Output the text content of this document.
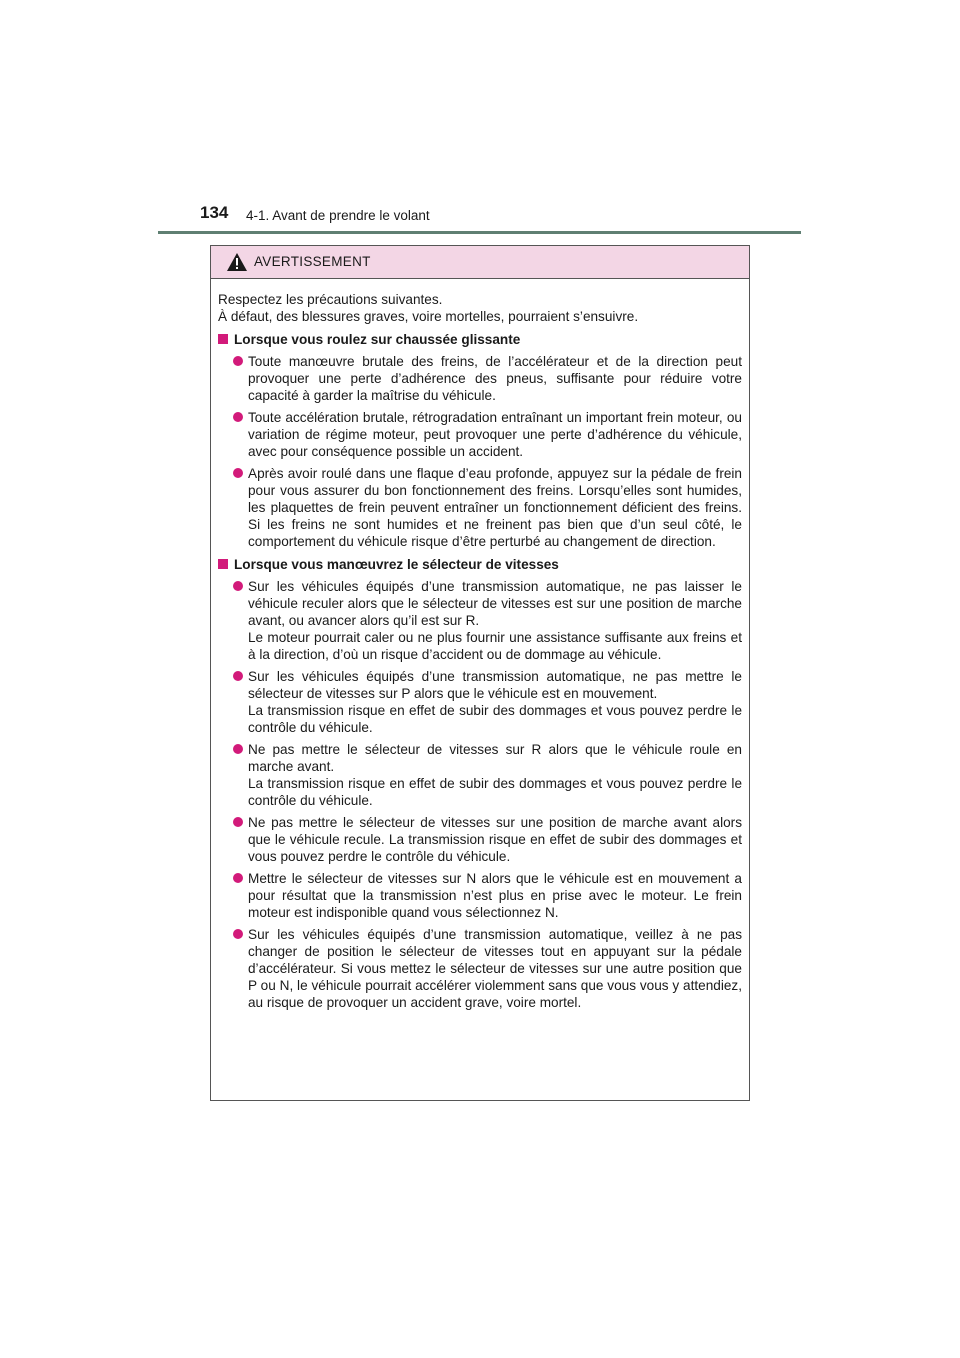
134 4-1. Avant de prendre le volant
AVERTISSEMENT
Respectez les précautions suivantes.
À défaut, des blessures graves, voire mortelles, pourraient s’ensuivre.
Lorsque vous roulez sur chaussée glissante
Toute manœuvre brutale des freins, de l’accélérateur et de la direction peut provoquer une perte d’adhérence des pneus, suffisante pour réduire votre capacité à garder la maîtrise du véhicule.
Toute accélération brutale, rétrogradation entraînant un important frein moteur, ou variation de régime moteur, peut provoquer une perte d’adhérence du véhicule, avec pour conséquence possible un accident.
Après avoir roulé dans une flaque d’eau profonde, appuyez sur la pédale de frein pour vous assurer du bon fonctionnement des freins. Lorsqu’elles sont humides, les plaquettes de frein peuvent entraîner un fonctionnement déficient des freins. Si les freins ne sont humides et ne freinent pas bien que d’un seul côté, le comportement du véhicule risque d’être perturbé au changement de direction.
Lorsque vous manœuvrez le sélecteur de vitesses
Sur les véhicules équipés d’une transmission automatique, ne pas laisser le véhicule reculer alors que le sélecteur de vitesses est sur une position de marche avant, ou avancer alors qu’il est sur R.
Le moteur pourrait caler ou ne plus fournir une assistance suffisante aux freins et à la direction, d’où un risque d’accident ou de dommage au véhicule.
Sur les véhicules équipés d’une transmission automatique, ne pas mettre le sélecteur de vitesses sur P alors que le véhicule est en mouvement.
La transmission risque en effet de subir des dommages et vous pouvez perdre le contrôle du véhicule.
Ne pas mettre le sélecteur de vitesses sur R alors que le véhicule roule en marche avant.
La transmission risque en effet de subir des dommages et vous pouvez perdre le contrôle du véhicule.
Ne pas mettre le sélecteur de vitesses sur une position de marche avant alors que le véhicule recule. La transmission risque en effet de subir des dommages et vous pouvez perdre le contrôle du véhicule.
Mettre le sélecteur de vitesses sur N alors que le véhicule est en mouvement a pour résultat que la transmission n’est plus en prise avec le moteur. Le frein moteur est indisponible quand vous sélectionnez N.
Sur les véhicules équipés d’une transmission automatique, veillez à ne pas changer de position le sélecteur de vitesses tout en appuyant sur la pédale d’accélérateur. Si vous mettez le sélecteur de vitesses sur une autre position que P ou N, le véhicule pourrait accélérer violemment sans que vous vous y attendiez, au risque de provoquer un accident grave, voire mortel.
